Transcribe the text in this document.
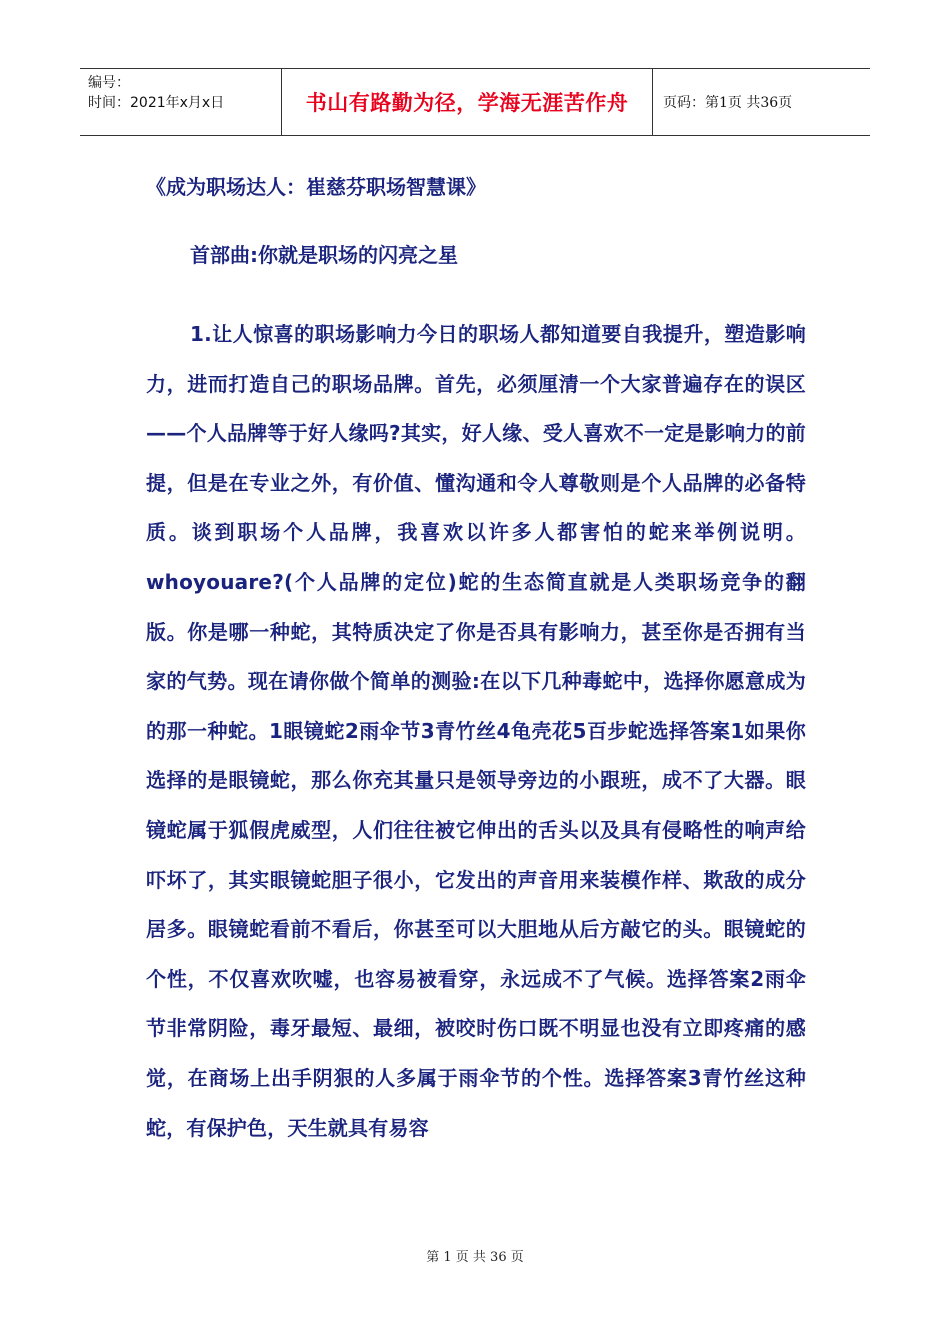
编号：
时间：2021年x月x日	书山有路勤为径，学海无涯苦作舟 页码：第1页 共36页

《成为职场达人：崔慈芬职场智慧课》

首部曲:你就是职场的闪亮之星

1.让人惊喜的职场影响力今日的职场人都知道要自我提升，塑造影响力，进而打造自己的职场品牌。首先，必须厘清一个大家普遍存在的误区——个人品牌等于好人缘吗?其实，好人缘、受人喜欢不一定是影响力的前提，但是在专业之外，有价值、懂沟通和令人尊敬则是个人品牌的必备特质。谈到职场个人品牌，我喜欢以许多人都害怕的蛇来举例说明。whoyouare?(个人品牌的定位)蛇的生态简直就是人类职场竞争的翻版。你是哪一种蛇，其特质决定了你是否具有影响力，甚至你是否拥有当家的气势。现在请你做个简单的测验:在以下几种毒蛇中，选择你愿意成为的那一种蛇。1眼镜蛇2雨伞节3青竹丝4龟壳花5百步蛇选择答案1如果你选择的是眼镜蛇，那么你充其量只是领导旁边的小跟班，成不了大器。眼镜蛇属于狐假虎威型，人们往往被它伸出的舌头以及具有侵略性的响声给吓坏了，其实眼镜蛇胆子很小，它发出的声音用来装模作样、欺敌的成分居多。眼镜蛇看前不看后，你甚至可以大胆地从后方敲它的头。眼镜蛇的个性，不仅喜欢吹嘘，也容易被看穿，永远成不了气候。选择答案2雨伞节非常阴险，毒牙最短、最细，被咬时伤口既不明显也没有立即疼痛的感觉，在商场上出手阴狠的人多属于雨伞节的个性。选择答案3青竹丝这种蛇，有保护色，天生就具有易容

第 1 页 共 36 页
